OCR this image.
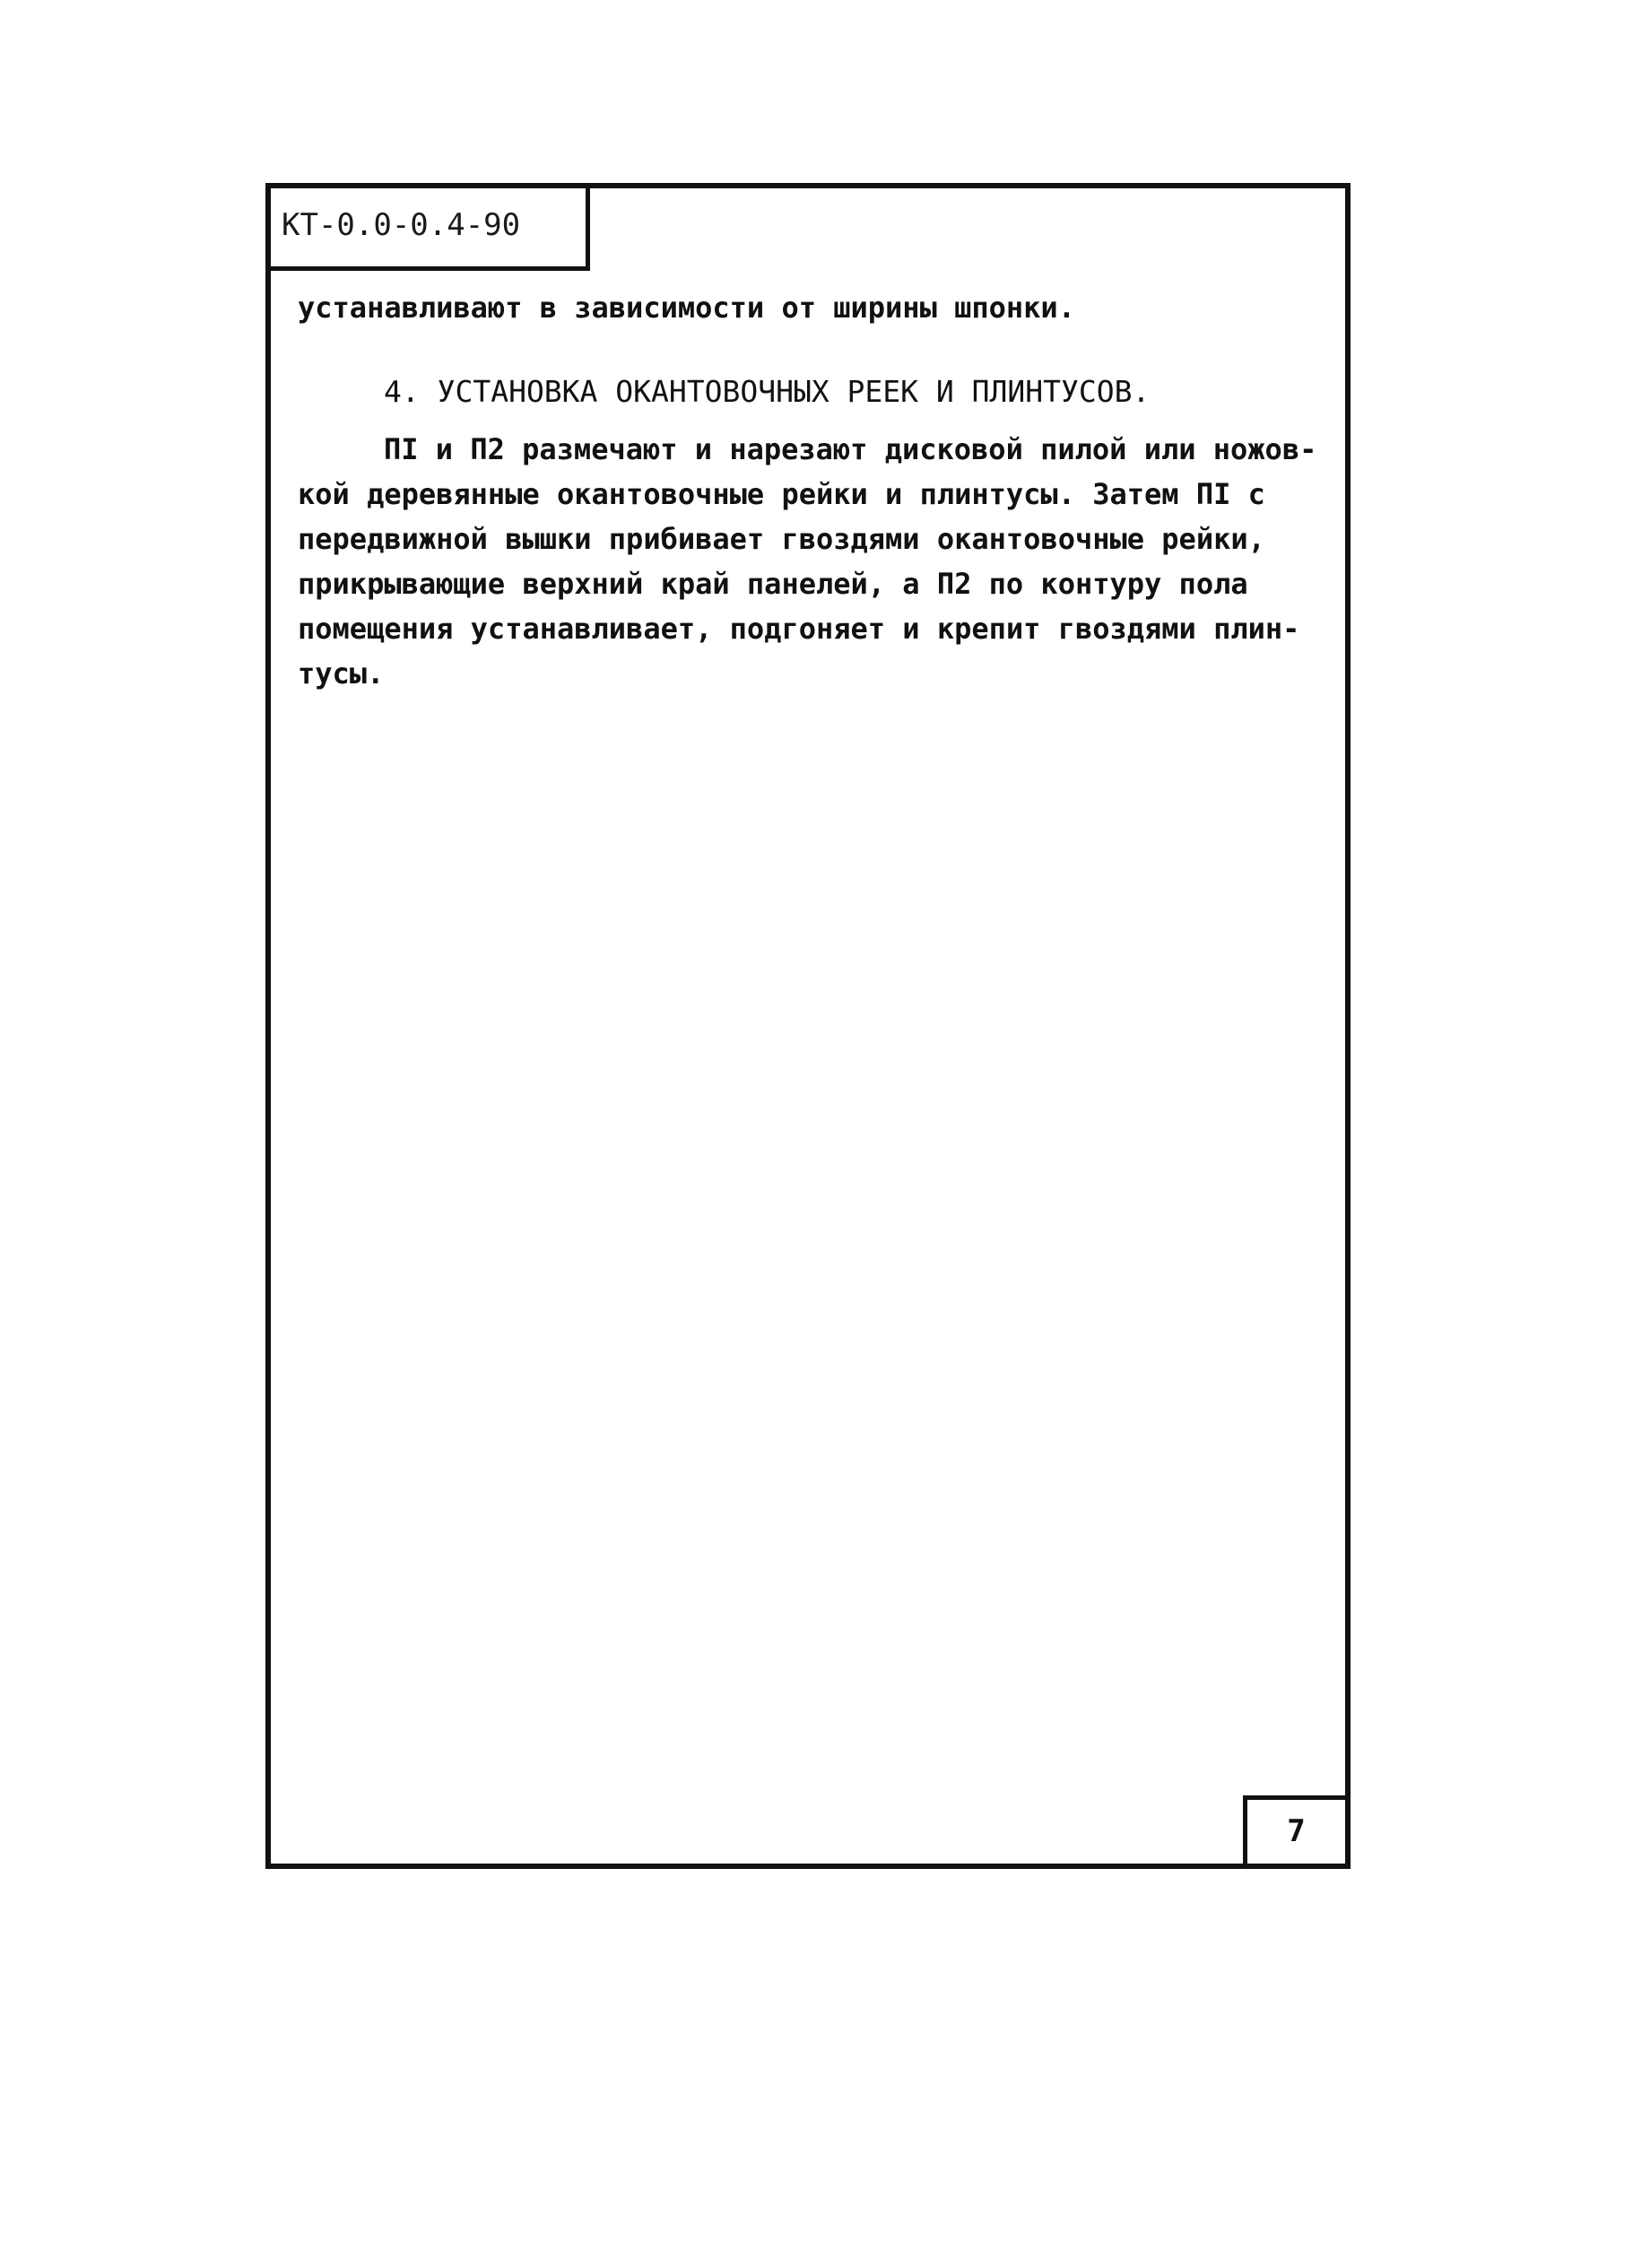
КТ-0.0-0.4-90
устанавливают в зависимости от ширины шпонки.
4. УСТАНОВКА ОКАНТОВОЧНЫХ РЕЕК И ПЛИНТУСОВ.
ПI и П2 размечают и нарезают дисковой пилой или ножов-
кой деревянные окантовочные рейки и плинтусы. Затем ПI с
передвижной вышки прибивает гвоздями окантовочные рейки,
прикрывающие верхний край панелей, а П2 по контуру пола
помещения устанавливает, подгоняет и крепит гвоздями плин-
тусы.
7
